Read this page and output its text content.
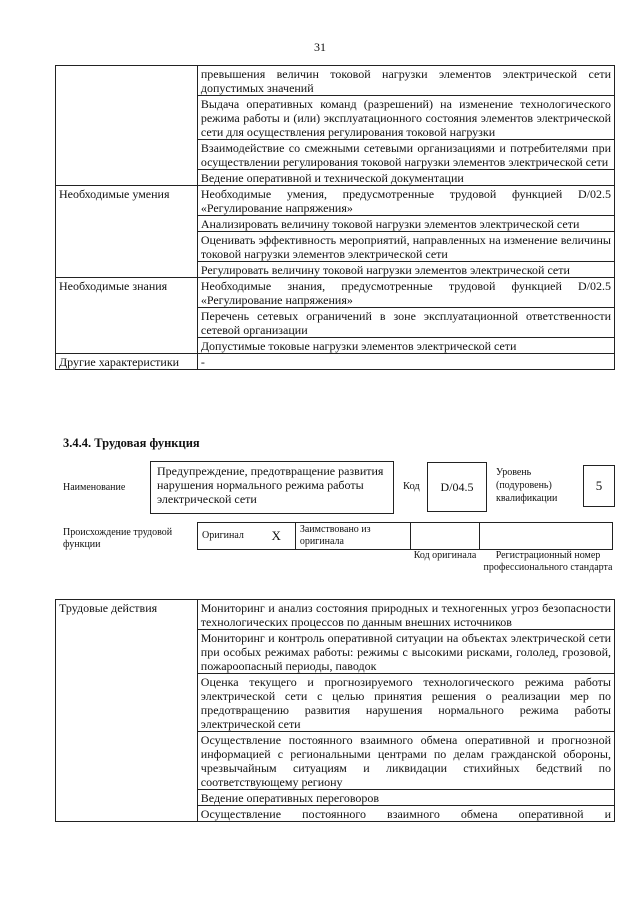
31
	превышения величин токовой нагрузки элементов электрической сети допустимых значений
	Выдача оперативных команд (разрешений) на изменение технологического режима работы и (или) эксплуатационного состояния элементов электрической сети для осуществления регулирования токовой нагрузки
	Взаимодействие со смежными сетевыми организациями и потребителями при осуществлении регулирования токовой нагрузки элементов электрической сети
	Ведение оперативной и технической документации
Необходимые умения	Необходимые умения, предусмотренные трудовой функцией D/02.5 «Регулирование напряжения»
	Анализировать величину токовой нагрузки элементов электрической сети
	Оценивать эффективность мероприятий, направленных на изменение величины токовой нагрузки элементов электрической сети
	Регулировать величину токовой нагрузки элементов электрической сети
Необходимые знания	Необходимые знания, предусмотренные трудовой функцией D/02.5 «Регулирование напряжения»
	Перечень сетевых ограничений в зоне эксплуатационной ответственности сетевой организации
	Допустимые токовые нагрузки элементов электрической сети
Другие характеристики	-
3.4.4. Трудовая функция
Наименование
Предупреждение, предотвращение развития нарушения нормального режима работы электрической сети
Код	D/04.5
Уровень (подуровень) квалификации
5
Происхождение трудовой функции
Оригинал X	Заимствовано из оригинала		
Код оригинала	Регистрационный номер профессионального стандарта
Трудовые действия	Мониторинг и анализ состояния природных и техногенных угроз безопасности технологических процессов по данным внешних источников
Мониторинг и контроль оперативной ситуации на объектах электрической сети при особых режимах работы: режимы с высокими рисками, гололед, грозовой, пожароопасный периоды, паводок
Оценка текущего и прогнозируемого технологического режима работы электрической сети с целью принятия решения о реализации мер по предотвращению развития нарушения нормального режима работы электрической сети
Осуществление постоянного взаимного обмена оперативной и прогнозной информацией с региональными центрами по делам гражданской обороны, чрезвычайным ситуациям и ликвидации стихийных бедствий по соответствующему региону
Ведение оперативных переговоров
Осуществление постоянного взаимного обмена оперативной и
